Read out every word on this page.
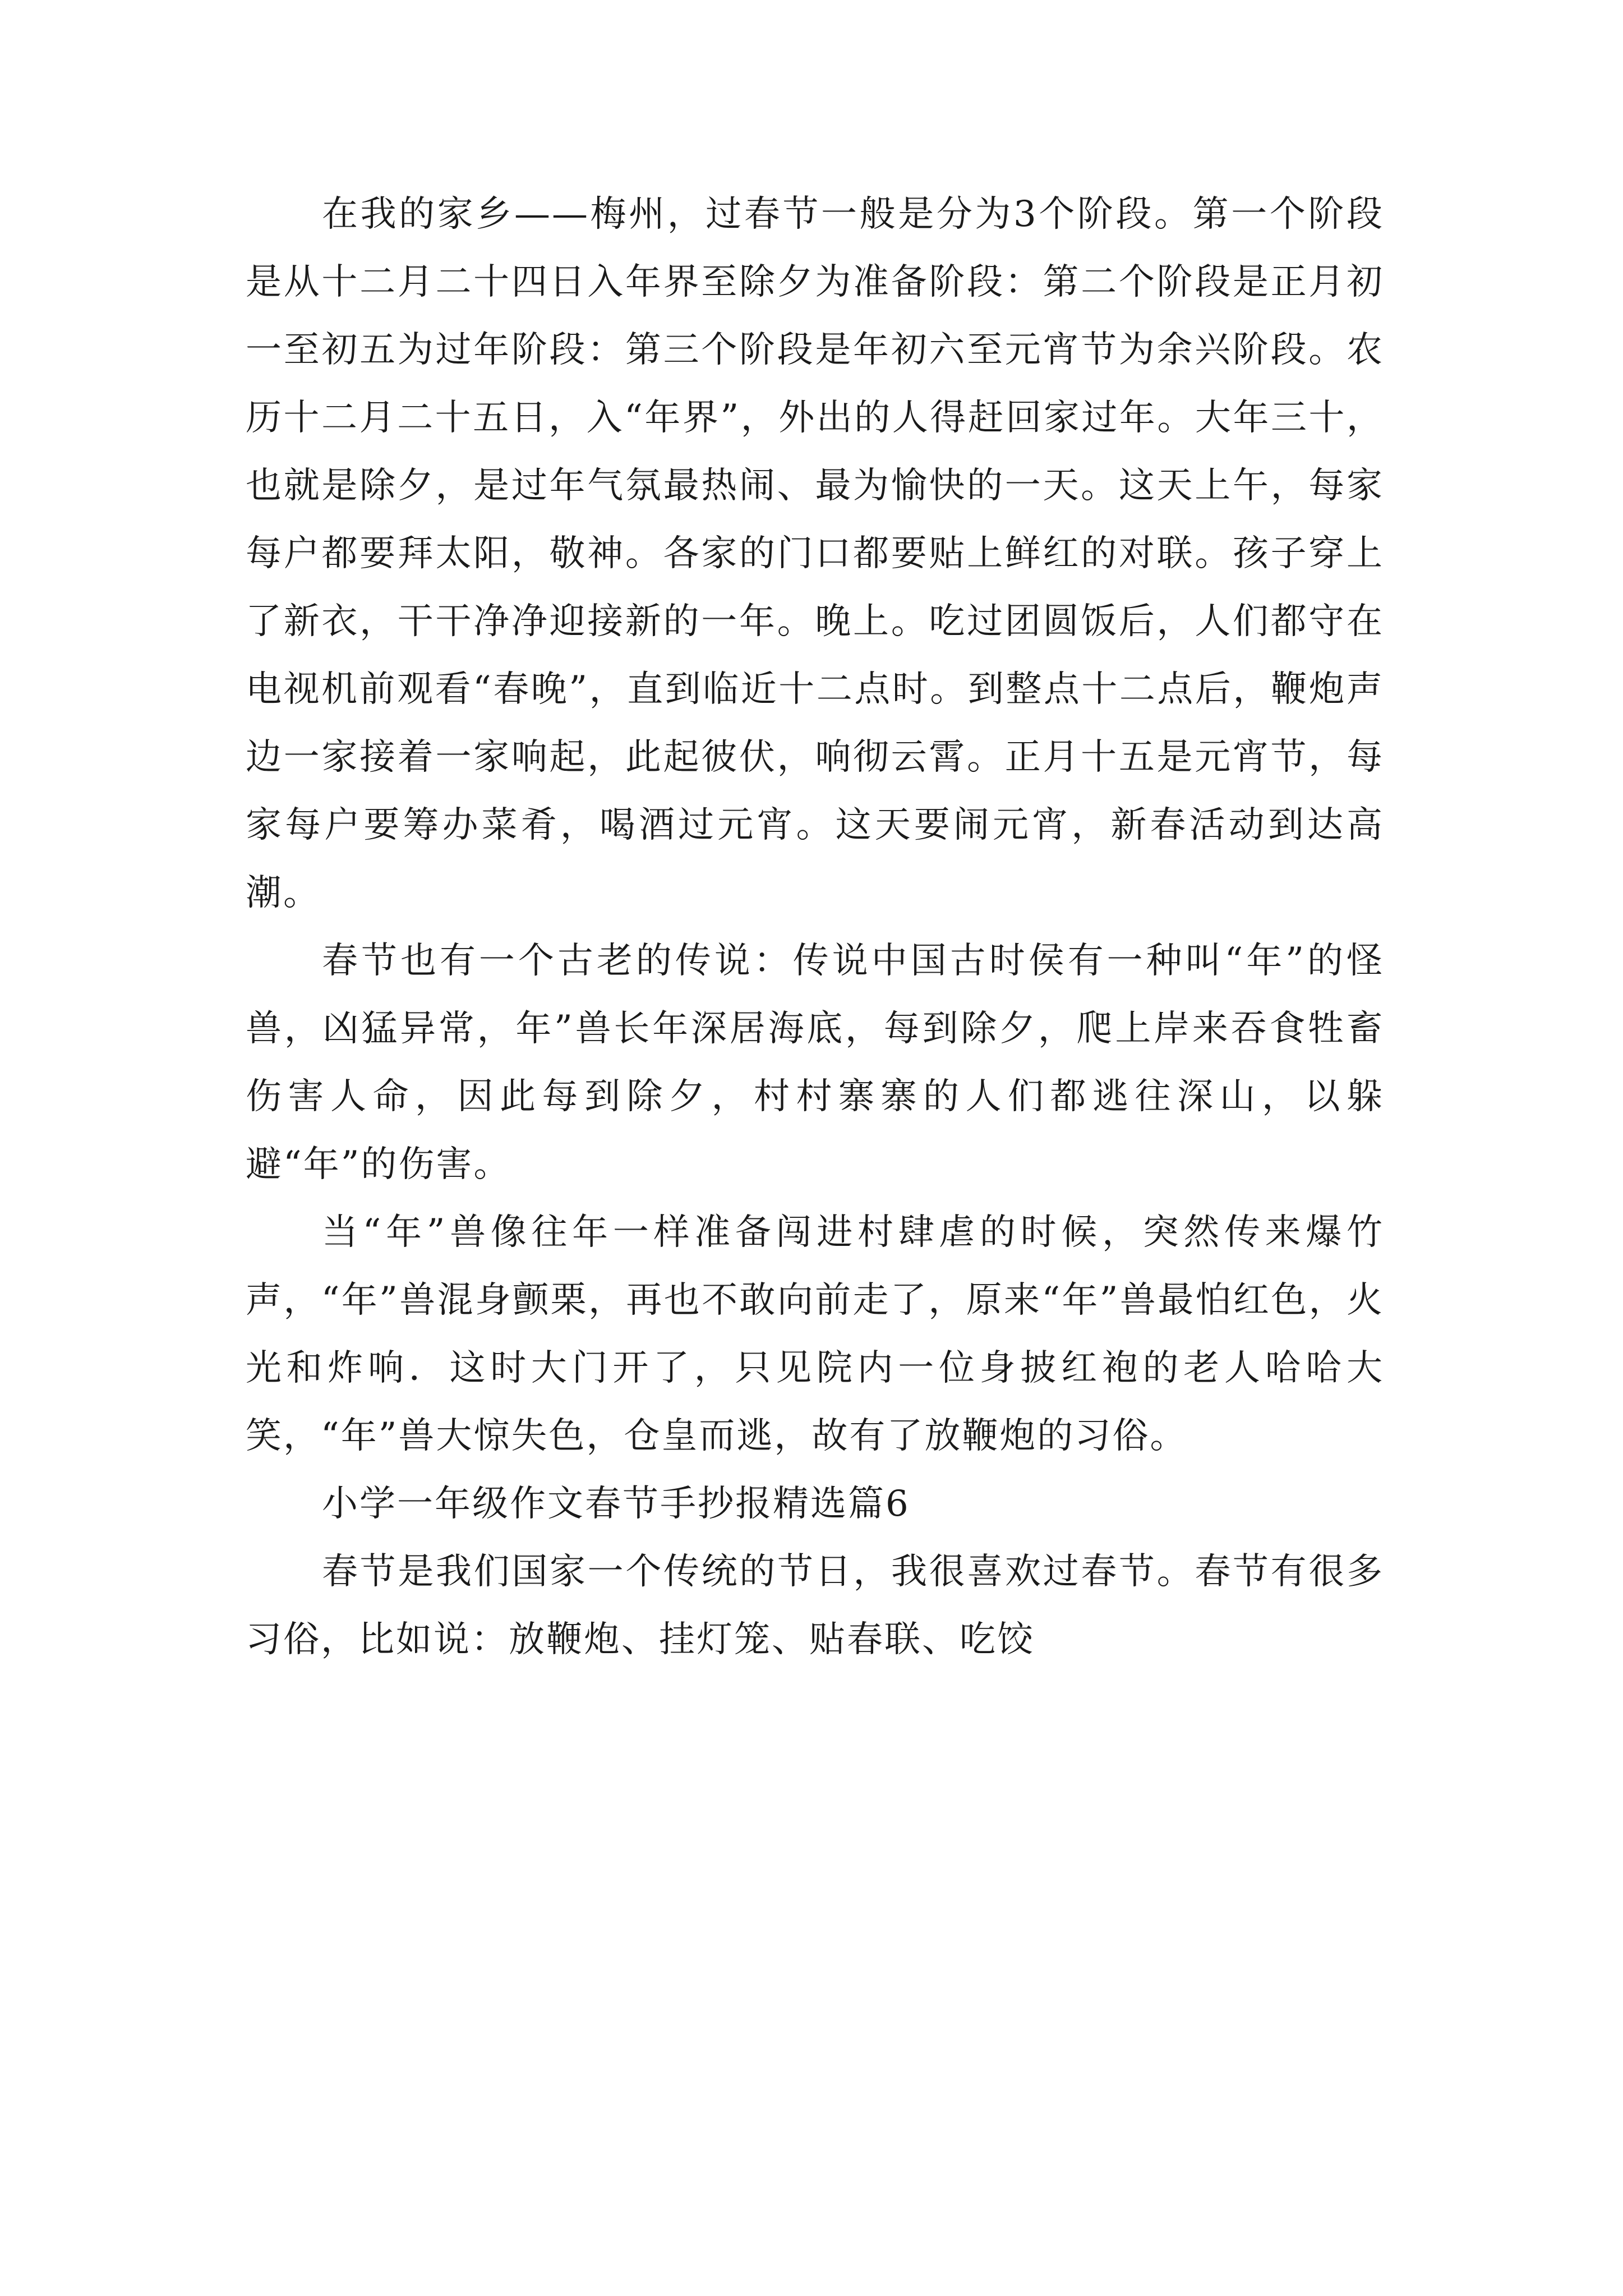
在我的家乡——梅州，过春节一般是分为3个阶段。第一个阶段是从十二月二十四日入年界至除夕为准备阶段：第二个阶段是正月初一至初五为过年阶段：第三个阶段是年初六至元宵节为余兴阶段。农历十二月二十五日，入“年界”，外出的人得赶回家过年。大年三十，也就是除夕，是过年气氛最热闹、最为愉快的一天。这天上午，每家每户都要拜太阳，敬神。各家的门口都要贴上鲜红的对联。孩子穿上了新衣，干干净净迎接新的一年。晚上。吃过团圆饭后，人们都守在电视机前观看“春晚”，直到临近十二点时。到整点十二点后，鞭炮声边一家接着一家响起，此起彼伏，响彻云霄。正月十五是元宵节，每家每户要筹办菜肴，喝酒过元宵。这天要闹元宵，新春活动到达高潮。

春节也有一个古老的传说：传说中国古时侯有一种叫“年”的怪兽，凶猛异常，年”兽长年深居海底，每到除夕，爬上岸来吞食牲畜伤害人命，因此每到除夕，村村寨寨的人们都逃往深山，以躲避“年”的伤害。

当“年”兽像往年一样准备闯进村肆虐的时候，突然传来爆竹声，“年”兽混身颤栗，再也不敢向前走了，原来“年”兽最怕红色，火光和炸响．这时大门开了，只见院内一位身披红袍的老人哈哈大笑，“年”兽大惊失色，仓皇而逃，故有了放鞭炮的习俗。

小学一年级作文春节手抄报精选篇6

春节是我们国家一个传统的节日，我很喜欢过春节。春节有很多习俗，比如说：放鞭炮、挂灯笼、贴春联、吃饺
